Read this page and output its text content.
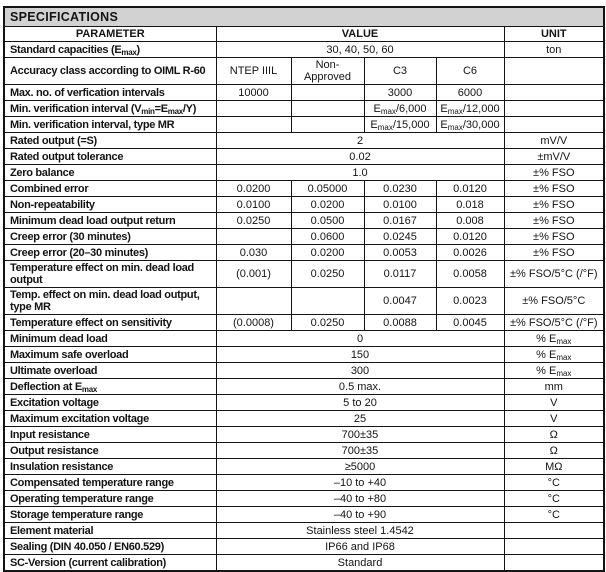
SPECIFICATIONS					
PARAMETER	VALUE				UNIT
Standard capacities $(E_{max})$	30, 40, 50, 60				ton
Accuracy class according to OIML R-60	NTEP IIIL	Non-Approved	C3	C6	
Max. no. of verfication intervals	10000		3000	6000	
Min. verification interval $(V_{min}=E_{max}/Y)$			$E_{max}/6,000$	$E_{max}/12,000$	
Min. verification interval, type MR			$E_{max}/15,000$	$E_{max}/30,000$	
Rated output (=S)	2				mV/V
Rated output tolerance	0.02				±mV/V
Zero balance	1.0				±% FSO
Combined error	0.0200	0.05000	0.0230	0.0120	±% FSO
Non-repeatability	0.0100	0.0200	0.0100	0.018	±% FSO
Minimum dead load output return	0.0250	0.0500	0.0167	0.008	±% FSO
Creep error (30 minutes)		0.0600	0.0245	0.0120	±% FSO
Creep error (20–30 minutes)	0.030	0.0200	0.0053	0.0026	±% FSO
Temperature effect on min. dead load output	(0.001)	0.0250	0.0117	0.0058	±% FSO/5°C (/°F)
Temp. effect on min. dead load output, type MR			0.0047	0.0023	±% FSO/5°C
Temperature effect on sensitivity	(0.0008)	0.0250	0.0088	0.0045	±% FSO/5°C (/°F)
Minimum dead load	0				% $E_{max}$
Maximum safe overload	150				% $E_{max}$
Ultimate overload	300				% $E_{max}$
Deflection at $E_{max}$	0.5 max.				mm
Excitation voltage	5 to 20				V
Maximum excitation voltage	25				V
Input resistance	700±35				Ω
Output resistance	700±35				Ω
Insulation resistance	≥5000				MΩ
Compensated temperature range	–10 to +40				°C
Operating temperature range	–40 to +80				°C
Storage temperature range	–40 to +90				°C
Element material	Stainless steel 1.4542				
Sealing (DIN 40.050 / EN60.529)	IP66 and IP68				
SC-Version (current calibration)	Standard				
